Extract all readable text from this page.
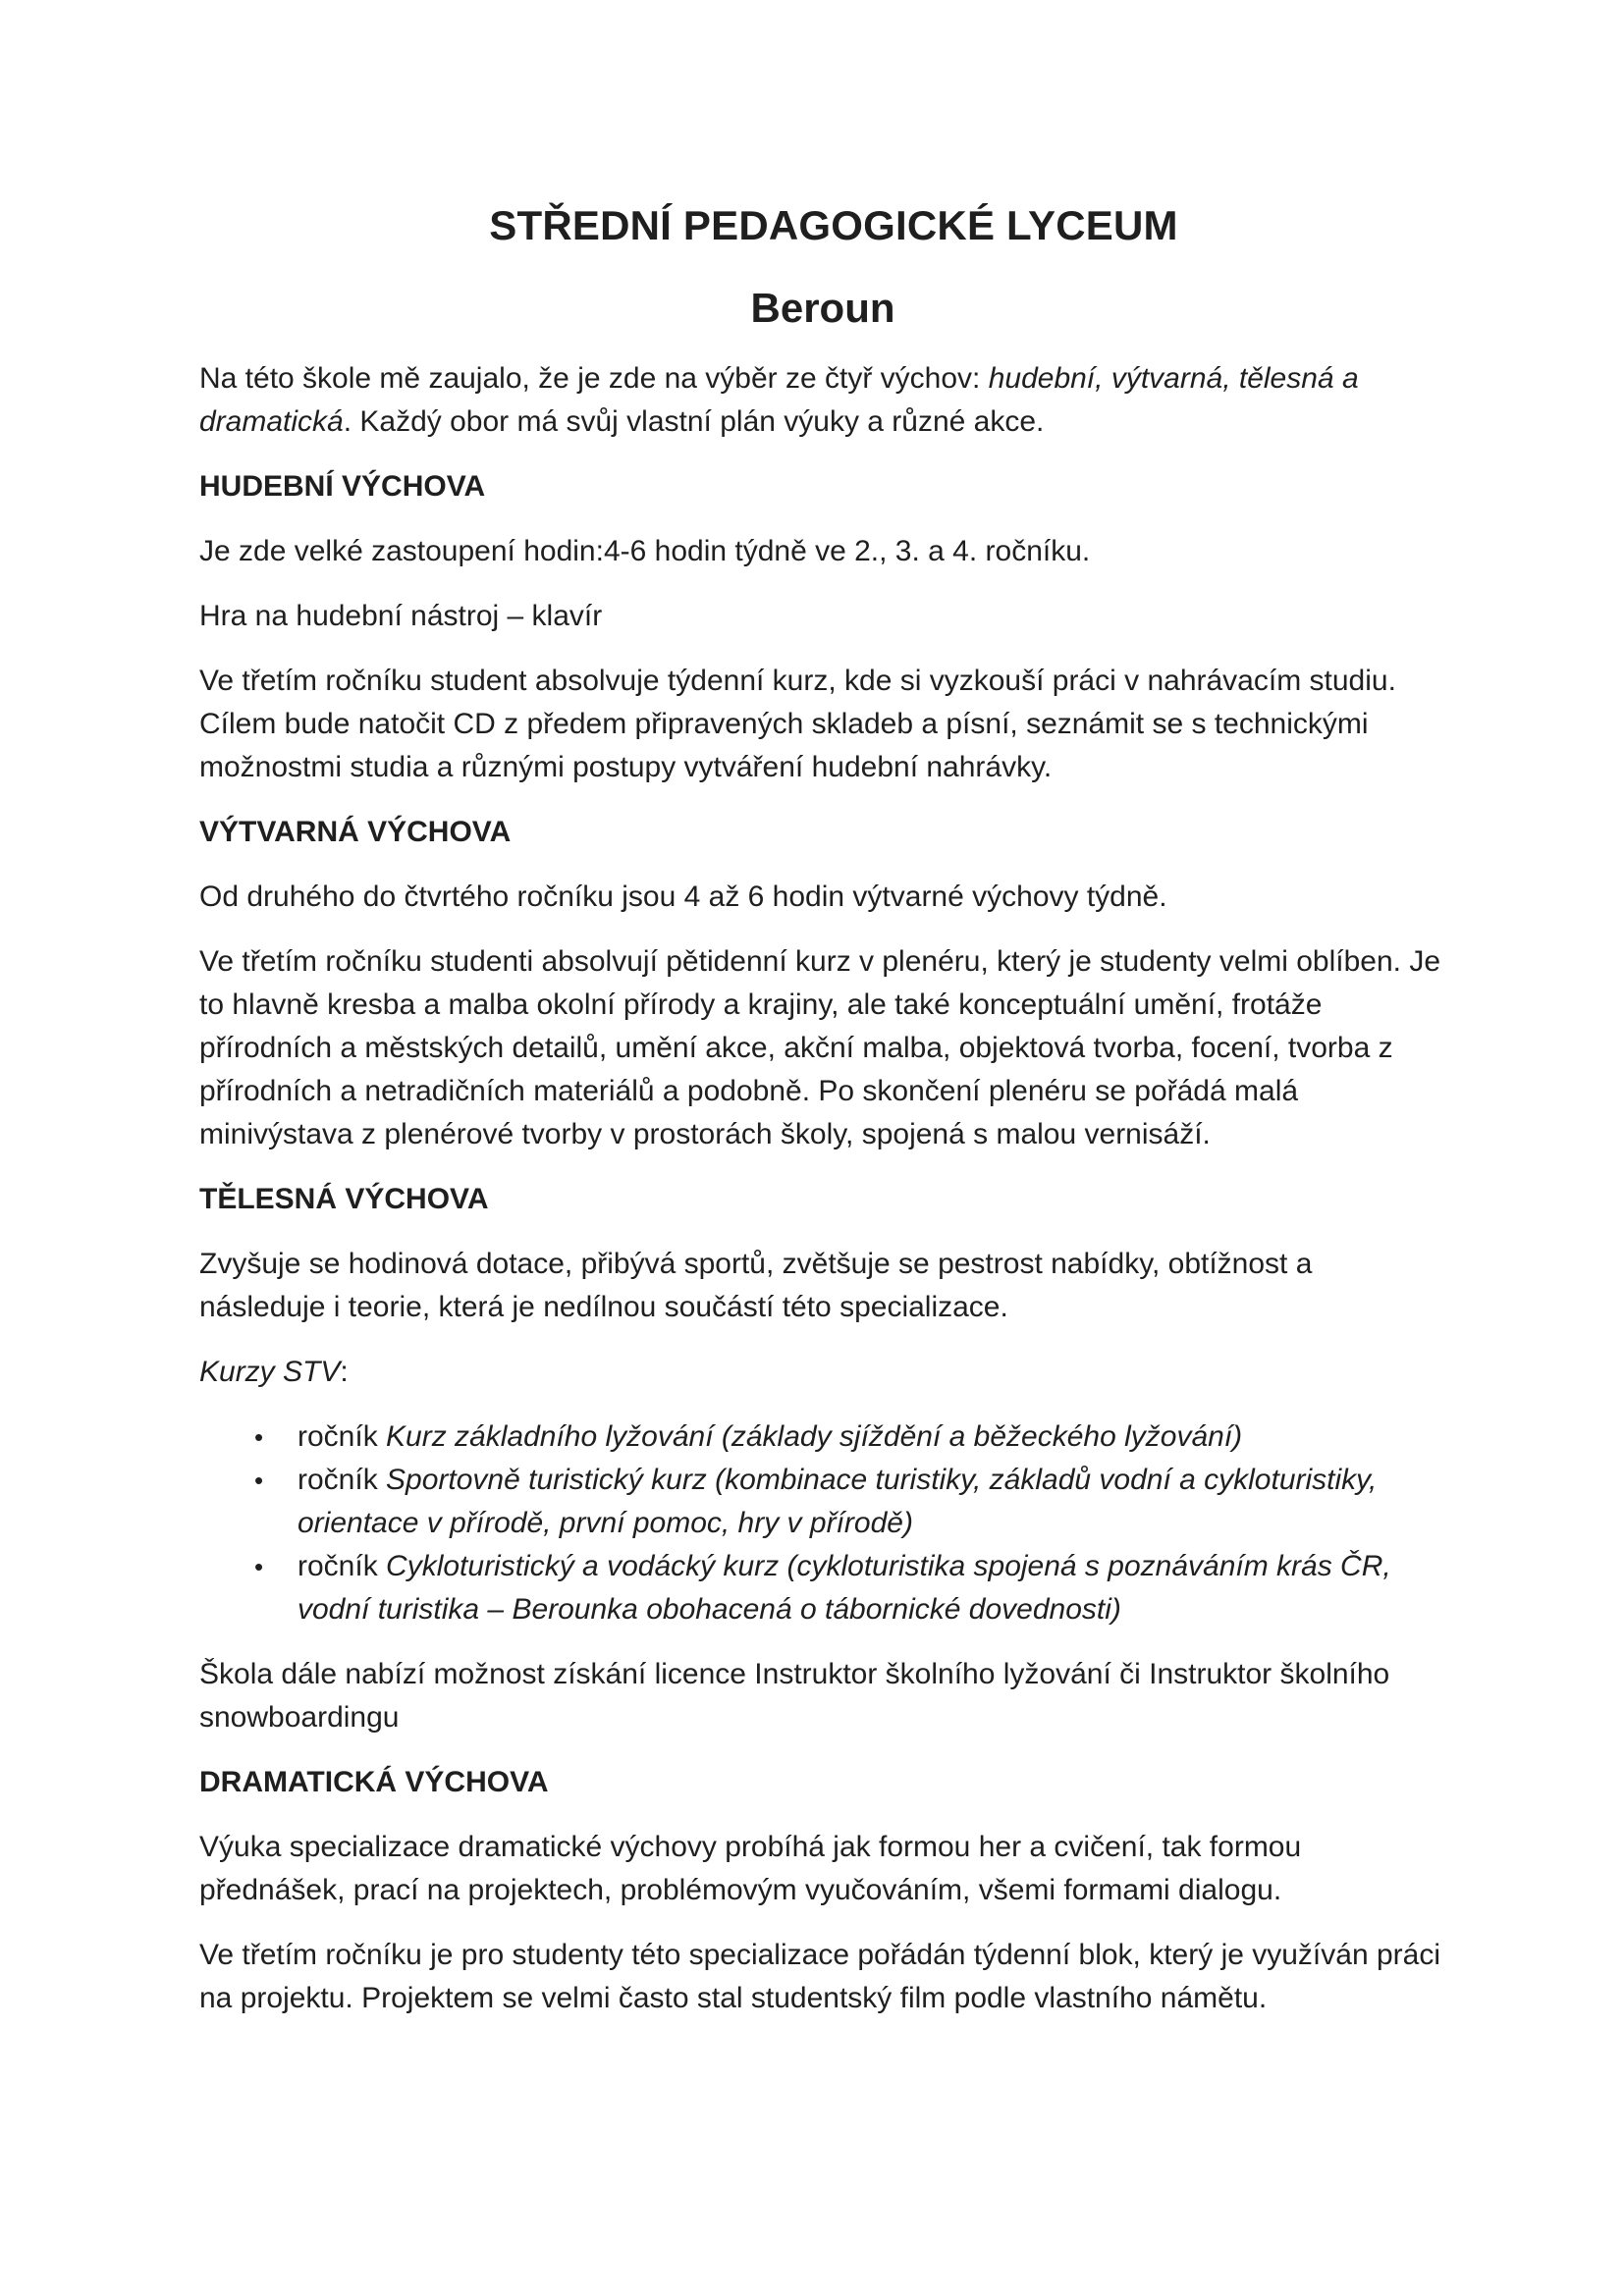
STŘEDNÍ PEDAGOGICKÉ LYCEUM
Beroun

Na této škole mě zaujalo, že je zde na výběr ze čtyř výchov: hudební, výtvarná, tělesná a dramatická. Každý obor má svůj vlastní plán výuky a různé akce.

HUDEBNÍ VÝCHOVA

Je zde velké zastoupení hodin:4-6 hodin týdně ve 2., 3. a 4. ročníku.

Hra na hudební nástroj – klavír

Ve třetím ročníku student absolvuje týdenní kurz, kde si vyzkouší práci v nahrávacím studiu. Cílem bude natočit CD z předem připravených skladeb a písní, seznámit se s technickými možnostmi studia a různými postupy vytváření hudební nahrávky.

VÝTVARNÁ VÝCHOVA

Od druhého do čtvrtého ročníku jsou 4 až 6 hodin výtvarné výchovy týdně.

Ve třetím ročníku studenti absolvují pětidenní kurz v plenéru, který je studenty velmi oblíben. Je to hlavně kresba a malba okolní přírody a krajiny, ale také konceptuální umění, frotáže přírodních a městských detailů, umění akce, akční malba, objektová tvorba, focení, tvorba z přírodních a netradičních materiálů a podobně. Po skončení plenéru se pořádá malá minivýstava z plenérové tvorby v prostorách školy, spojená s malou vernisáží.

TĚLESNÁ VÝCHOVA

Zvyšuje se hodinová dotace, přibývá sportů, zvětšuje se pestrost nabídky, obtížnost a následuje i teorie, která je nedílnou součástí této specializace.

Kurzy STV:

• ročník Kurz základního lyžování (základy sjíždění a běžeckého lyžování)
• ročník Sportovně turistický kurz (kombinace turistiky, základů vodní a cykloturistiky, orientace v přírodě, první pomoc, hry v přírodě)
• ročník Cykloturistický a vodácký kurz (cykloturistika spojená s poznáváním krás ČR, vodní turistika – Berounka obohacená o tábornické dovednosti)

Škola dále nabízí možnost získání licence Instruktor školního lyžování či Instruktor školního snowboardingu

DRAMATICKÁ VÝCHOVA

Výuka specializace dramatické výchovy probíhá jak formou her a cvičení, tak formou přednášek, prací na projektech, problémovým vyučováním, všemi formami dialogu.

Ve třetím ročníku je pro studenty této specializace pořádán týdenní blok, který je využíván práci na projektu. Projektem se velmi často stal studentský film podle vlastního námětu.
